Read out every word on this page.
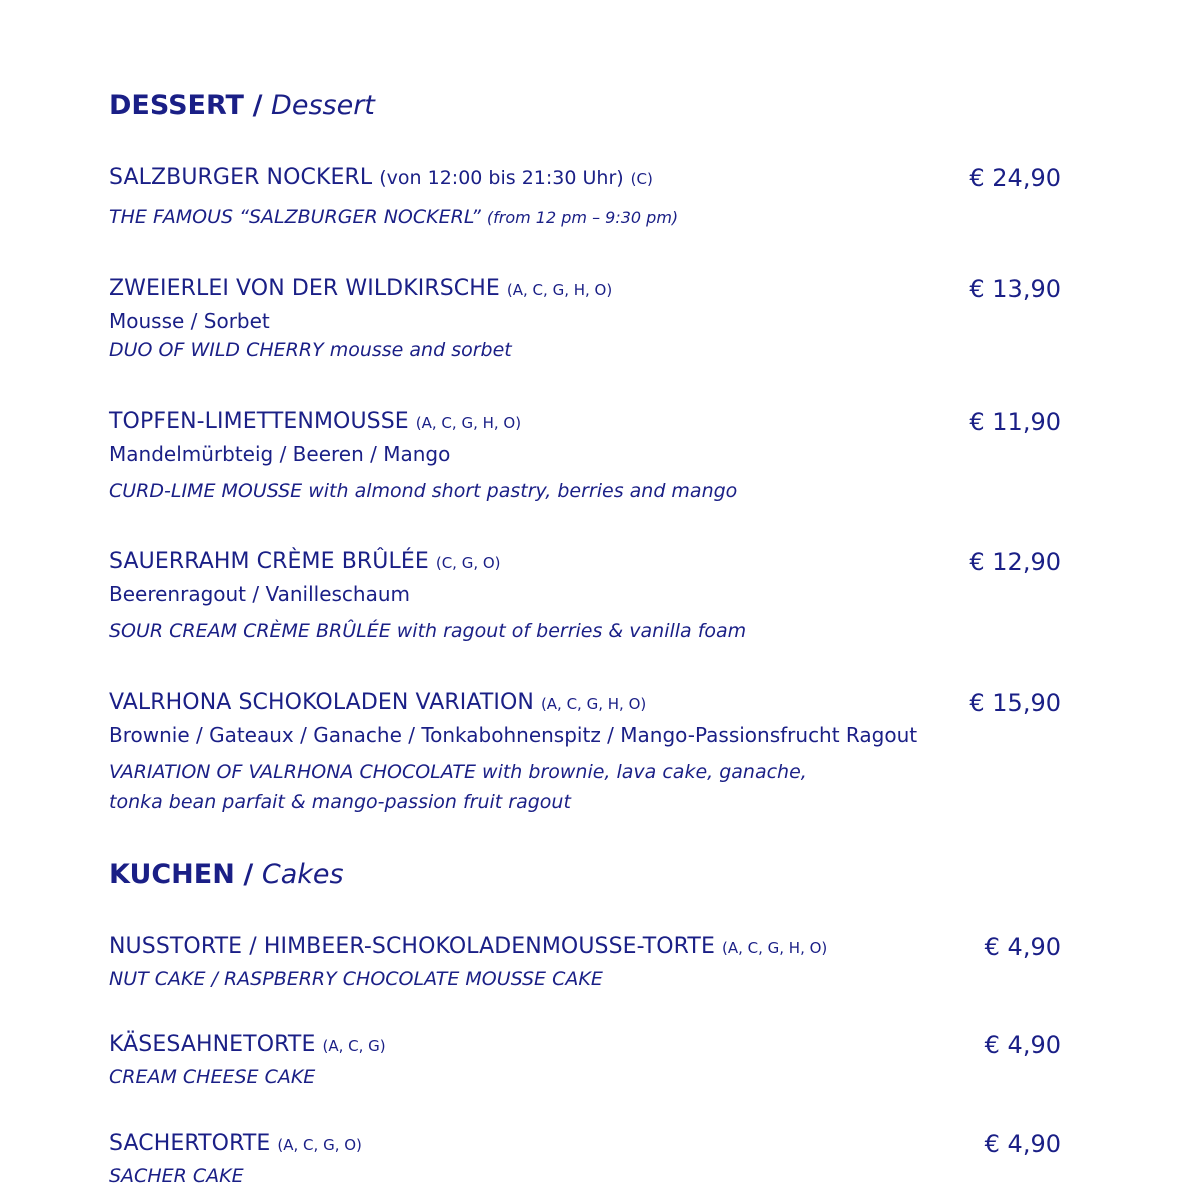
DESSERT / Dessert
SALZBURGER NOCKERL (von 12:00 bis 21:30 Uhr) (C)
THE FAMOUS “SALZBURGER NOCKERL” (from 12 pm – 9:30 pm)
€ 24,90
ZWEIERLEI VON DER WILDKIRSCHE (A, C, G, H, O)
Mousse / Sorbet
DUO OF WILD CHERRY mousse and sorbet
€ 13,90
TOPFEN-LIMETTENMOUSSE (A, C, G, H, O)
Mandelmürbteig / Beeren / Mango
CURD-LIME MOUSSE with almond short pastry, berries and mango
€ 11,90
SAUERRAHM CRÈME BRÛLÉE (C, G, O)
Beerenragout / Vanilleschaum
SOUR CREAM CRÈME BRÛLÉE with ragout of berries & vanilla foam
€ 12,90
VALRHONA SCHOKOLADEN VARIATION (A, C, G, H, O)
Brownie / Gateaux / Ganache / Tonkabohnenspitz / Mango-Passionsfrucht Ragout
VARIATION OF VALRHONA CHOCOLATE with brownie, lava cake, ganache,
tonka bean parfait & mango-passion fruit ragout
€ 15,90
KUCHEN / Cakes
NUSSTORTE / HIMBEER-SCHOKOLADENMOUSSE-TORTE (A, C, G, H, O)
NUT CAKE / RASPBERRY CHOCOLATE MOUSSE CAKE
€ 4,90
KÄSESAHNETORTE (A, C, G)
CREAM CHEESE CAKE
€ 4,90
SACHERTORTE (A, C, G, O)
SACHER CAKE
€ 4,90
